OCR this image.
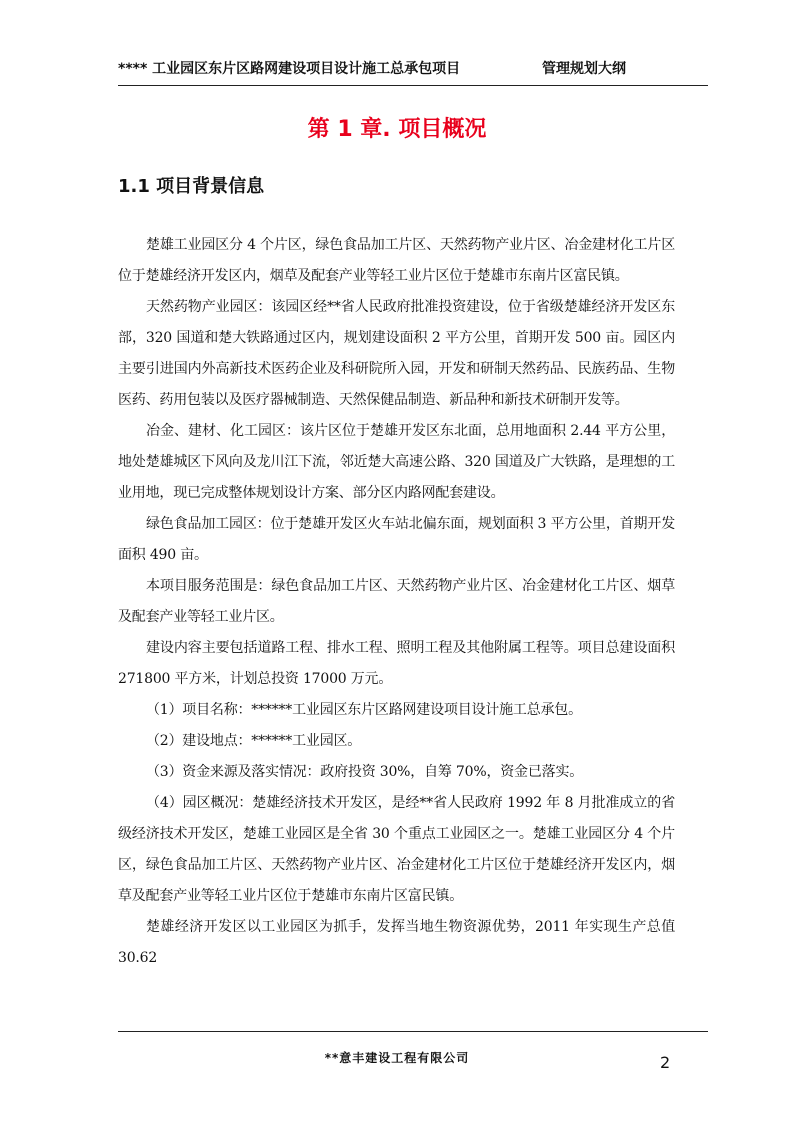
**** 工业园区东片区路网建设项目设计施工总承包项目	管理规划大纲
第 1 章. 项目概况
1.1 项目背景信息

楚雄工业园区分 4 个片区，绿色食品加工片区、天然药物产业片区、冶金建材化工片区位于楚雄经济开发区内，烟草及配套产业等轻工业片区位于楚雄市东南片区富民镇。

天然药物产业园区：该园区经**省人民政府批准投资建设，位于省级楚雄经济开发区东部，320 国道和楚大铁路通过区内，规划建设面积 2 平方公里，首期开发 500 亩。园区内主要引进国内外高新技术医药企业及科研院所入园，开发和研制天然药品、民族药品、生物医药、药用包装以及医疗器械制造、天然保健品制造、新品种和新技术研制开发等。

冶金、建材、化工园区：该片区位于楚雄开发区东北面，总用地面积 2.44 平方公里，地处楚雄城区下风向及龙川江下流，邻近楚大高速公路、320 国道及广大铁路，是理想的工业用地，现已完成整体规划设计方案、部分区内路网配套建设。

绿色食品加工园区：位于楚雄开发区火车站北偏东面，规划面积 3 平方公里，首期开发面积 490 亩。

本项目服务范围是：绿色食品加工片区、天然药物产业片区、冶金建材化工片区、烟草及配套产业等轻工业片区。

建设内容主要包括道路工程、排水工程、照明工程及其他附属工程等。项目总建设面积 271800 平方米，计划总投资 17000 万元。

（1）项目名称：******工业园区东片区路网建设项目设计施工总承包。

（2）建设地点：******工业园区。

（3）资金来源及落实情况：政府投资 30%，自筹 70%，资金已落实。

（4）园区概况：楚雄经济技术开发区，是经**省人民政府 1992 年 8 月批准成立的省级经济技术开发区，楚雄工业园区是全省 30 个重点工业园区之一。楚雄工业园区分 4 个片区，绿色食品加工片区、天然药物产业片区、冶金建材化工片区位于楚雄经济开发区内，烟草及配套产业等轻工业片区位于楚雄市东南片区富民镇。

楚雄经济开发区以工业园区为抓手，发挥当地生物资源优势，2011 年实现生产总值 30.62

**意丰建设工程有限公司	2
